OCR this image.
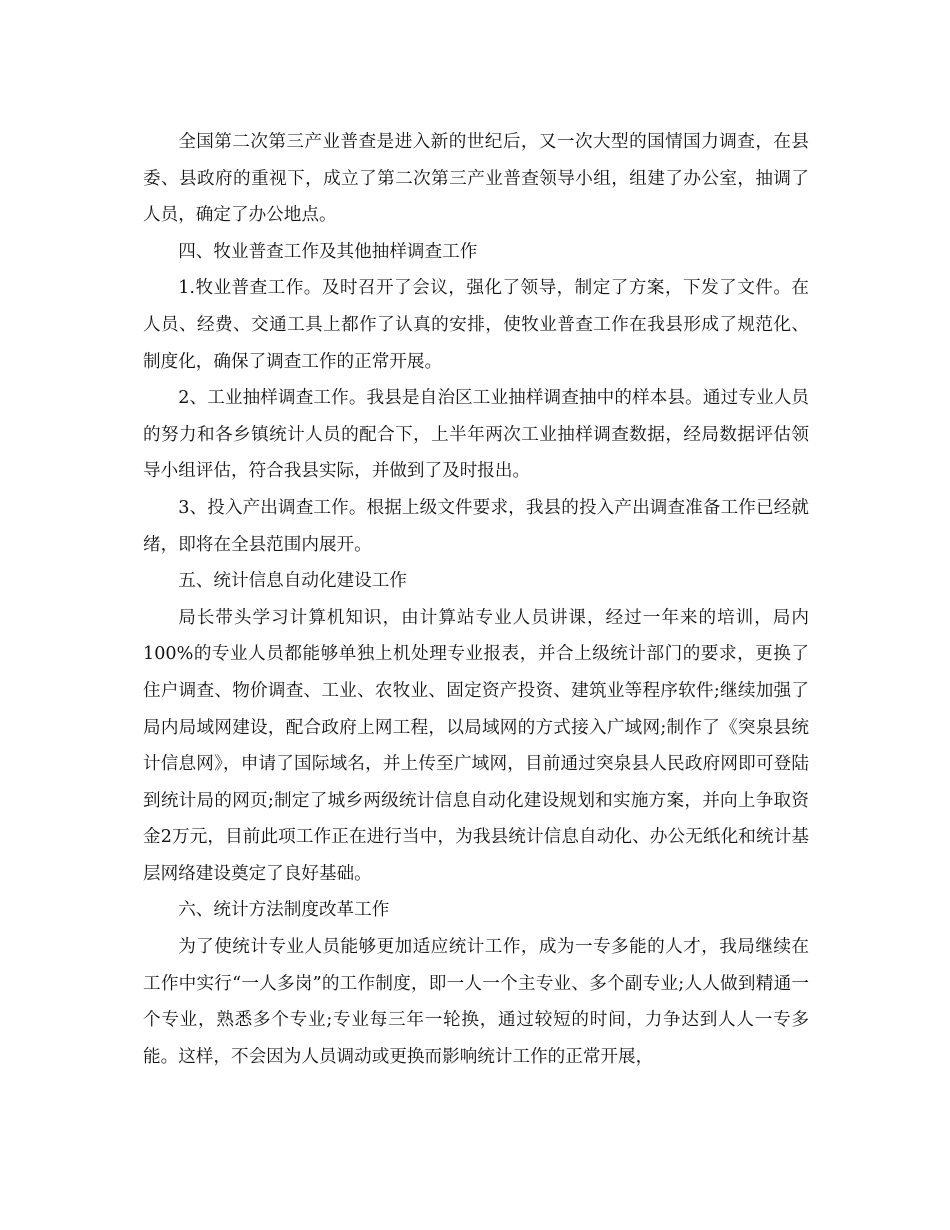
全国第二次第三产业普查是进入新的世纪后，又一次大型的国情国力调查，在县委、县政府的重视下，成立了第二次第三产业普查领导小组，组建了办公室，抽调了人员，确定了办公地点。

四、牧业普查工作及其他抽样调查工作

1.牧业普查工作。及时召开了会议，强化了领导，制定了方案，下发了文件。在人员、经费、交通工具上都作了认真的安排，使牧业普查工作在我县形成了规范化、制度化，确保了调查工作的正常开展。

2、工业抽样调查工作。我县是自治区工业抽样调查抽中的样本县。通过专业人员的努力和各乡镇统计人员的配合下，上半年两次工业抽样调查数据，经局数据评估领导小组评估，符合我县实际，并做到了及时报出。

3、投入产出调查工作。根据上级文件要求，我县的投入产出调查准备工作已经就绪，即将在全县范围内展开。

五、统计信息自动化建设工作

局长带头学习计算机知识，由计算站专业人员讲课，经过一年来的培训，局内100%的专业人员都能够单独上机处理专业报表，并合上级统计部门的要求，更换了住户调查、物价调查、工业、农牧业、固定资产投资、建筑业等程序软件;继续加强了局内局域网建设，配合政府上网工程，以局域网的方式接入广域网;制作了《突泉县统计信息网》，申请了国际域名，并上传至广域网，目前通过突泉县人民政府网即可登陆到统计局的网页;制定了城乡两级统计信息自动化建设规划和实施方案，并向上争取资金2万元，目前此项工作正在进行当中，为我县统计信息自动化、办公无纸化和统计基层网络建设奠定了良好基础。

六、统计方法制度改革工作

为了使统计专业人员能够更加适应统计工作，成为一专多能的人才，我局继续在工作中实行“一人多岗”的工作制度，即一人一个主专业、多个副专业;人人做到精通一个专业，熟悉多个专业;专业每三年一轮换，通过较短的时间，力争达到人人一专多能。这样，不会因为人员调动或更换而影响统计工作的正常开展，
